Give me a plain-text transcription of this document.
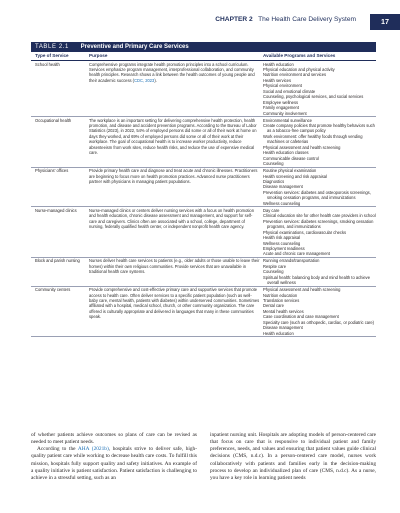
CHAPTER 2 The Health Care Delivery System	17
TABLE 2.1 Preventive and Primary Care Services
Type of Service	Purpose	Available Programs and Services
School health	Comprehensive programs integrate health promotion principles into a school curriculum. Services emphasize program management, interprofessional collaboration, and community health principles. Research shows a link between the health outcomes of young people and their academic success (CDC, 2023).
Health education
Physical education and physical activity
Nutrition environment and services
Health services
Physical environment
Social and emotional climate
Counseling, psychological services, and social services
Employee wellness
Family engagement
Community involvement
Occupational health	The workplace is an important setting for delivering comprehensive health protection, health promotion, and disease and accident prevention programs. According to the Bureau of Labor Statistics (2023), in 2022, 54% of employed persons did some or all of their work at home on days they worked, and 69% of employed persons did some or all of their work at their workplace. The goal of occupational health is to increase worker productivity, reduce absenteeism from work sites, reduce health risks, and reduce the use of expensive medical care.
Environmental surveillance
Create company policies that promote healthy behaviors such
as a tobacco-free campus policy
Work environment: offer healthy foods through vending
machines or cafeterias
Physical assessment and health screening
Health education classes
Communicable disease control
Counseling
Physicians' offices	Provide primary health care and diagnose and treat acute and chronic illnesses. Practitioners are beginning to focus more on health promotion practices. Advanced nurse practitioners partner with physicians in managing patient populations.
Routine physical examination
Health screening and risk appraisal
Diagnostics
Disease management
Prevention services: diabetes and osteoporosis screenings,
smoking cessation programs, and immunizations
Wellness counseling
Nurse-managed clinics	Nurse-managed clinics or centers deliver nursing services with a focus on health promotion and health education, chronic disease assessment and management, and support for self-care and caregivers. Clinics often are associated with a school, college, department of nursing, federally qualified health center, or independent nonprofit health care agency.
Day care
Clinical education site for other health care providers in school
Prevention services: diabetes screenings, smoking cessation
programs, and immunizations
Physical examinations, cardiovascular checks
Health risk appraisal
Wellness counseling
Employment readiness
Acute and chronic care management
Block and parish nursing	Nurses deliver health care services to patients (e.g., older adults or those unable to leave their homes) within their own religious communities. Provide services that are unavailable in traditional health care systems.
Running errands/transportation
Respite care
Counseling
Spiritual health: balancing body and mind health to achieve
overall wellness
Community centers	Provide comprehensive and cost-effective primary care and supportive services that promote access to health care. Often deliver services to a specific patient population (such as well-baby care, mental health, patients with diabetes) within underserved communities. Sometimes affiliated with a hospital, medical school, church, or other community organization. The care offered is culturally appropriate and delivered in languages that many in these communities speak.
Physical assessment and health screening
Nutrition education
Translation services
Dental care
Mental health services
Case coordination and case management
Specialty care (such as orthopedic, cardiac, or podiatric care)
Disease management
Health education

of whether patients achieve outcomes so plans of care can be revised as needed to meet patient needs.

According to the AHA (2021b), hospitals strive to deliver safe, high-quality patient care while working to decrease health care costs. To fulfill this mission, hospitals fully support quality and safety initiatives. An example of a quality initiative is patient satisfaction. Patient satisfaction is challenging to achieve in a stressful setting, such as an

inpatient nursing unit. Hospitals are adopting models of person-centered care that focus on care that is responsive to individual patient and family preferences, needs, and values and ensuring that patient values guide clinical decisions (CMS, n.d.c). In a person-centered care model, nurses work collaboratively with patients and families early in the decision-making process to develop an individualized plan of care (CMS, n.d.c). As a nurse, you have a key role in learning patient needs
